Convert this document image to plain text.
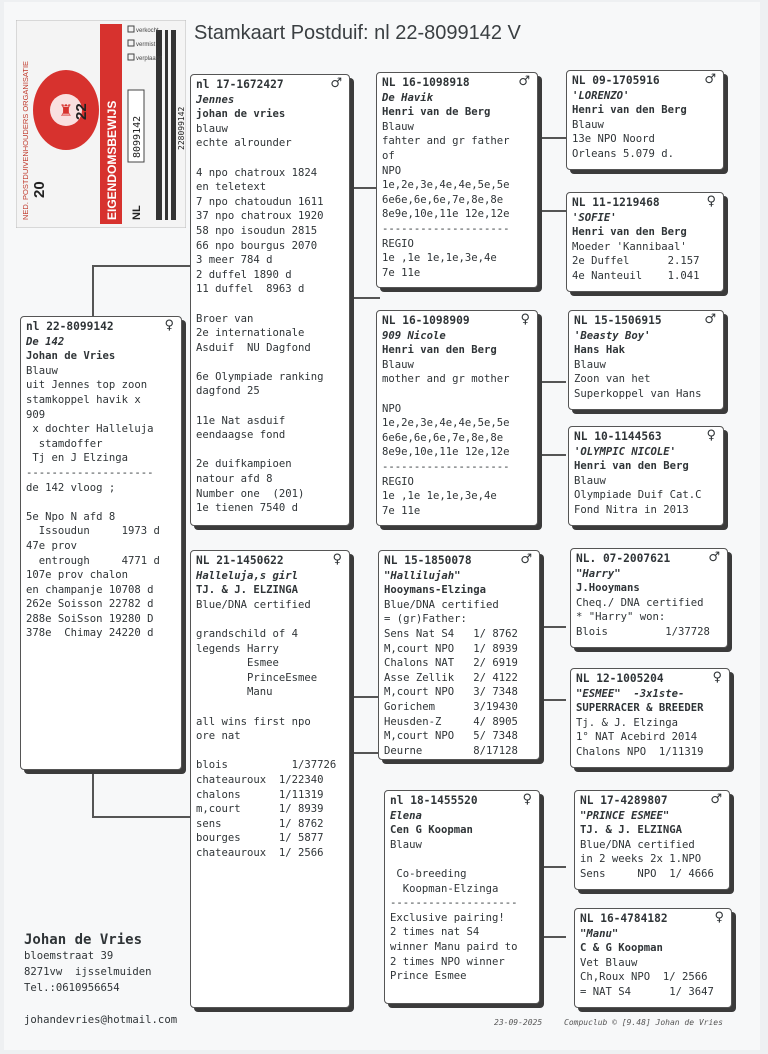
Stamkaart Postduif: nl 22-8099142 V
NED. POSTDUIVENHOUDERS ORGANISATIE ♜
20
22 EIGENDOMSBEWIJS NL
8099142	228099142
verkocht
vermist
verplaatst
nl 22-8099142	♀
De 142
Johan de Vries
Blauw
uit Jennes top zoon
stamkoppel havik x
909
x dochter Halleluja
stamdoffer
Tj en J Elzinga
--------------------
de 142 vloog ;
5e Npo N afd 8
Issoudun     1973 d
47e prov
entrough     4771 d
107e prov chalon
en champanje 10708 d
262e Soisson 22782 d
288e SoiSson 19280 D
378e  Chimay 24220 d
nl 17-1672427	♂
Jennes
johan de vries
blauw
echte alrounder
4 npo chatroux 1824
en teletext
7 npo chatoudun 1611
37 npo chatroux 1920
58 npo isoudun 2815
66 npo bourgus 2070
3 meer 784 d
2 duffel 1890 d
11 duffel  8963 d
Broer van
2e internationale
Asduif  NU Dagfond
6e Olympiade ranking
dagfond 25
11e Nat asduif
eendaagse fond
2e duifkampioen
natour afd 8
Number one  (201)
1e tienen 7540 d
NL 21-1450622	♀
Halleluja,s girl
TJ. & J. ELZINGA
Blue/DNA certified
grandschild of 4
legends Harry
Esmee
PrinceEsmee
Manu
all wins first npo
ore nat
blois          1/37726
chateauroux  1/22340
chalons      1/11319
m,court      1/ 8939
sens         1/ 8762
bourges      1/ 5877
chateauroux  1/ 2566
NL 16-1098918	♂
De Havik
Henri van de Berg
Blauw
fahter and gr father
of
NPO
1e,2e,3e,4e,4e,5e,5e
6e6e,6e,6e,7e,8e,8e
8e9e,10e,11e 12e,12e
--------------------
REGIO
1e ,1e 1e,1e,3e,4e
7e 11e
NL 16-1098909	♀
909 Nicole
Henri van den Berg
Blauw
mother and gr mother
NPO
1e,2e,3e,4e,4e,5e,5e
6e6e,6e,6e,7e,8e,8e
8e9e,10e,11e 12e,12e
--------------------
REGIO
1e ,1e 1e,1e,3e,4e
7e 11e
NL 15-1850078	♂
"Hallilujah"
Hooymans-Elzinga
Blue/DNA certified
= (gr)Father:
Sens Nat S4   1/ 8762
M,court NPO   1/ 8939
Chalons NAT   2/ 6919
Asse Zellik   2/ 4122
M,court NPO   3/ 7348
Gorichem      3/19430
Heusden-Z     4/ 8905
M,court NPO   5/ 7348
Deurne        8/17128
nl 18-1455520	♀
Elena
Cen G Koopman
Blauw
Co-breeding
Koopman-Elzinga
--------------------
Exclusive pairing!
2 times nat S4
winner Manu paird to
2 times NPO winner
Prince Esmee
NL 09-1705916	♂
'LORENZO'
Henri van den Berg
Blauw
13e NPO Noord
Orleans 5.079 d.
NL 11-1219468	♀
'SOFIE'
Henri van den Berg
Moeder 'Kannibaal'
2e Duffel      2.157
4e Nanteuil    1.041
NL 15-1506915	♂
'Beasty Boy'
Hans Hak
Blauw
Zoon van het
Superkoppel van Hans
NL 10-1144563	♀
'OLYMPIC NICOLE'
Henri van den Berg
Blauw
Olympiade Duif Cat.C
Fond Nitra in 2013
NL. 07-2007621	♂
"Harry"
J.Hooymans
Cheq./ DNA certified
* "Harry" won:
Blois         1/37728
NL 12-1005204	♀
"ESMEE"  -3x1ste-
SUPERRACER & BREEDER
Tj. & J. Elzinga
1° NAT Acebird 2014
Chalons NPO  1/11319
NL 17-4289807	♂
"PRINCE ESMEE"
TJ. & J. ELZINGA
Blue/DNA certified
in 2 weeks 2x 1.NPO
Sens     NPO  1/ 4666
NL 16-4784182	♀
"Manu"
C & G Koopman
Vet Blauw
Ch,Roux NPO  1/ 2566
= NAT S4      1/ 3647
Johan de Vries
bloemstraat 39
8271vw  ijsselmuiden
Tel.:0610956654

johandevries@hotmail.com	23-09-2025	Compuclub © [9.48] Johan de Vries
